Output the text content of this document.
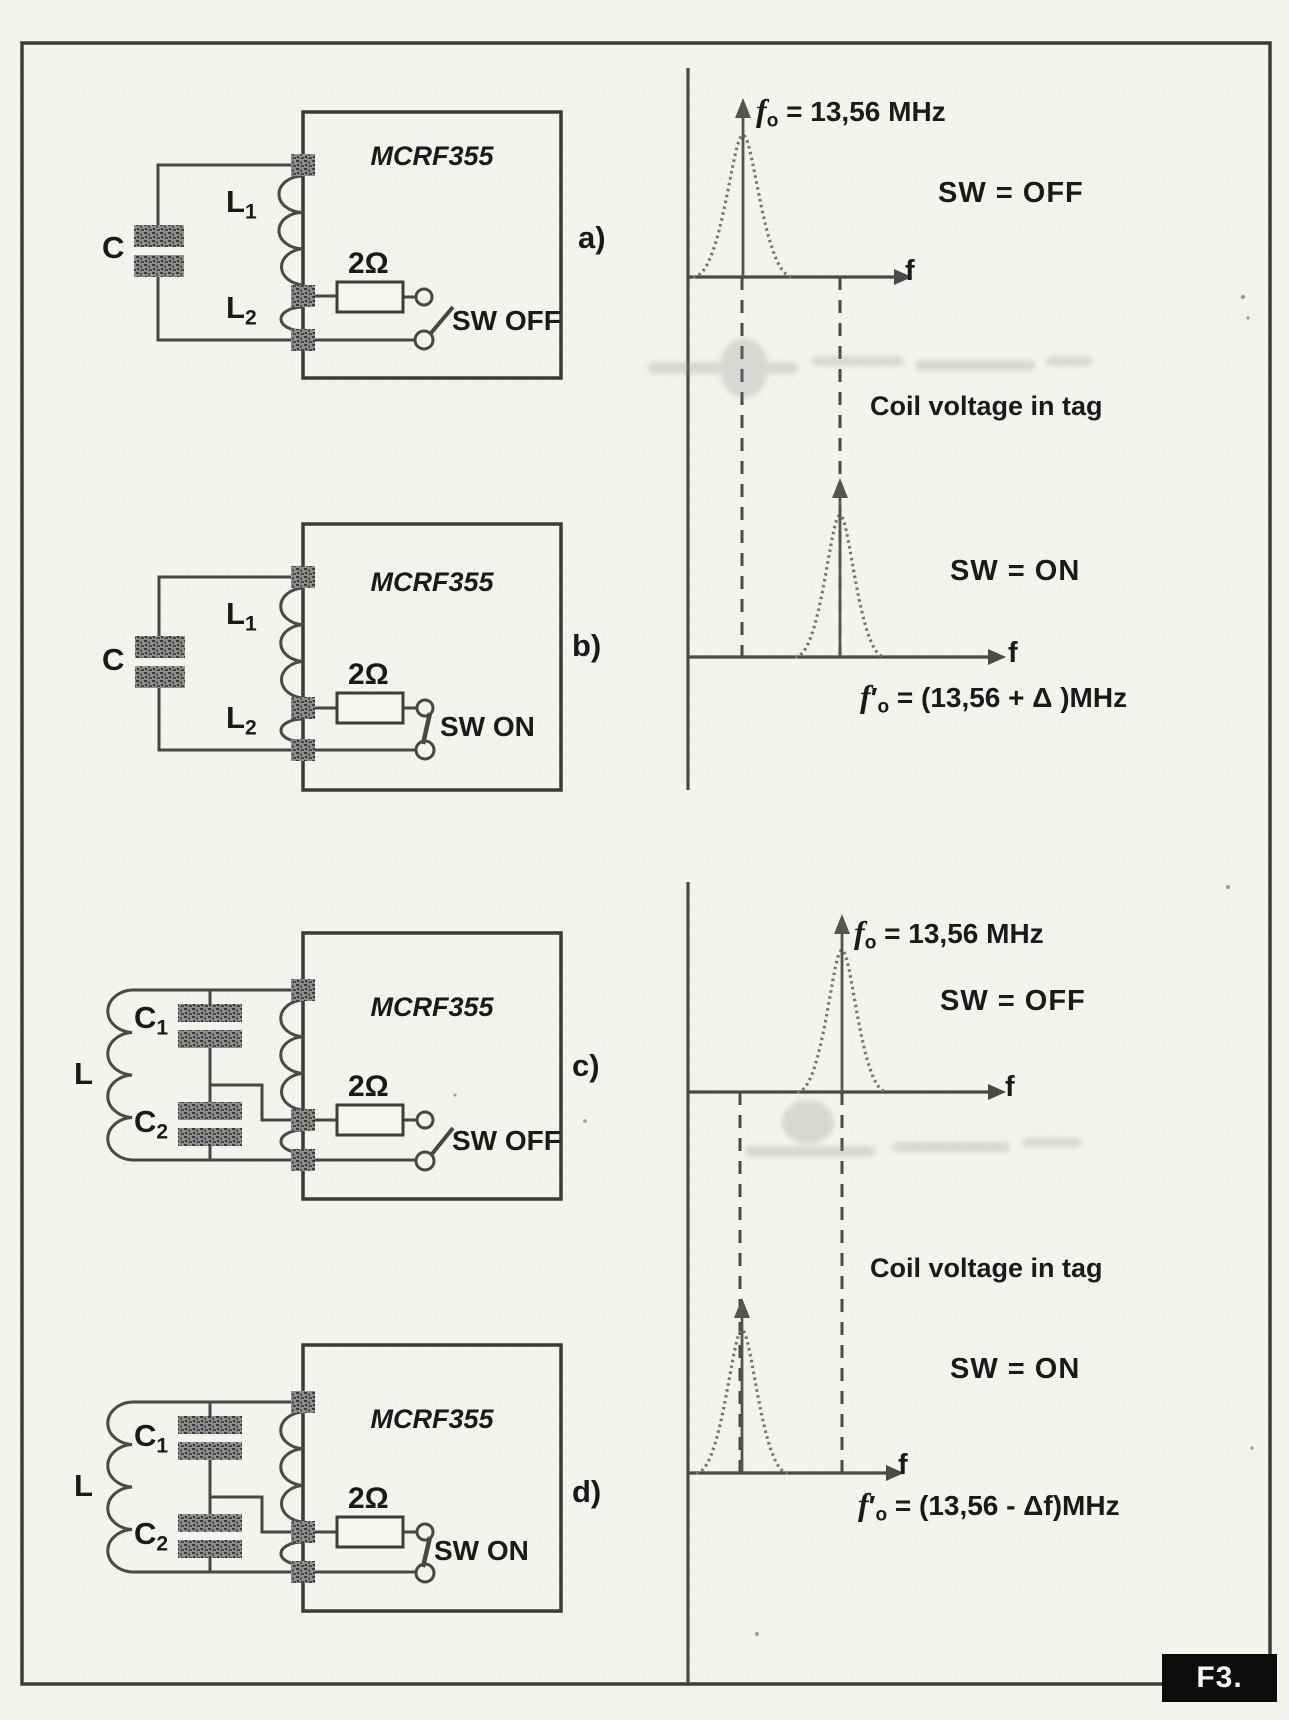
MCRF355
$L_1$
C
$L_2$
2Ω
SW OFF
a)
MCRF355
$L_1$
C
$L_2$
2Ω
SW ON
b)
MCRF355
L
$C_1$
$C_2$
2Ω
SW OFF
c)
MCRF355
L
$C_1$
$C_2$
2Ω
SW ON
d)
$f_o = 13,56$ MHz
SW = OFF
f
Coil voltage in tag
SW = ON
f
$f'_o = (13,56 + \Delta$ )MHz
$f_o = 13,56$ MHz
SW = OFF
f
Coil voltage in tag
SW = ON
f
$f'_o = (13,56 - \Delta f)MHz$
F3.
